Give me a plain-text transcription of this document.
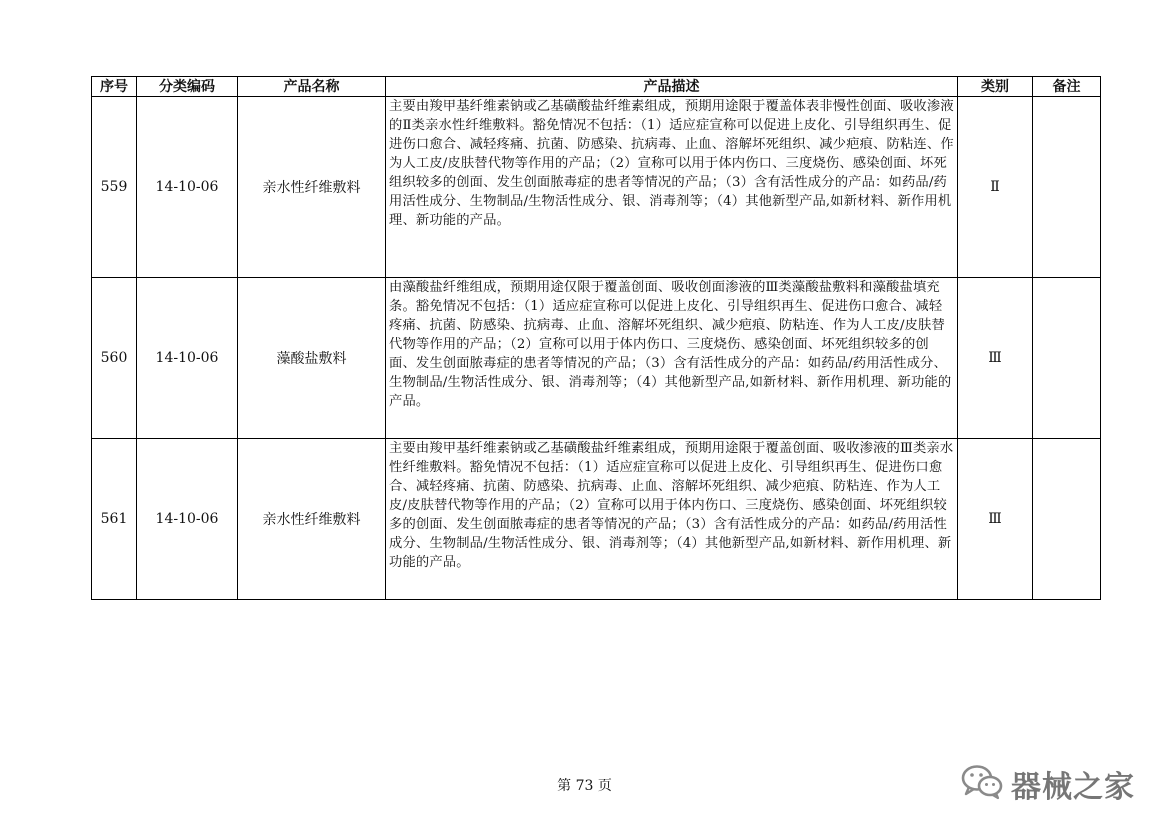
序号	分类编码	产品名称	产品描述	类别	备注
559	14-10-06	亲水性纤维敷料	主要由羧甲基纤维素钠或乙基磺酸盐纤维素组成，预期用途限于覆盖体表非慢性创面、吸收渗液的Ⅱ类亲水性纤维敷料。豁免情况不包括：（1）适应症宣称可以促进上皮化、引导组织再生、促进伤口愈合、减轻疼痛、抗菌、防感染、抗病毒、止血、溶解坏死组织、减少疤痕、防粘连、作为人工皮/皮肤替代物等作用的产品；（2）宣称可以用于体内伤口、三度烧伤、感染创面、坏死组织较多的创面、发生创面脓毒症的患者等情况的产品；（3）含有活性成分的产品：如药品/药用活性成分、生物制品/生物活性成分、银、消毒剂等；（4）其他新型产品,如新材料、新作用机理、新功能的产品。	Ⅱ	
560	14-10-06	藻酸盐敷料	由藻酸盐纤维组成，预期用途仅限于覆盖创面、吸收创面渗液的Ⅲ类藻酸盐敷料和藻酸盐填充条。豁免情况不包括：（1）适应症宣称可以促进上皮化、引导组织再生、促进伤口愈合、减轻疼痛、抗菌、防感染、抗病毒、止血、溶解坏死组织、减少疤痕、防粘连、作为人工皮/皮肤替代物等作用的产品；（2）宣称可以用于体内伤口、三度烧伤、感染创面、坏死组织较多的创面、发生创面脓毒症的患者等情况的产品；（3）含有活性成分的产品：如药品/药用活性成分、生物制品/生物活性成分、银、消毒剂等；（4）其他新型产品,如新材料、新作用机理、新功能的产品。	Ⅲ	
561	14-10-06	亲水性纤维敷料	主要由羧甲基纤维素钠或乙基磺酸盐纤维素组成，预期用途限于覆盖创面、吸收渗液的Ⅲ类亲水性纤维敷料。豁免情况不包括：（1）适应症宣称可以促进上皮化、引导组织再生、促进伤口愈合、减轻疼痛、抗菌、防感染、抗病毒、止血、溶解坏死组织、减少疤痕、防粘连、作为人工皮/皮肤替代物等作用的产品；（2）宣称可以用于体内伤口、三度烧伤、感染创面、坏死组织较多的创面、发生创面脓毒症的患者等情况的产品；（3）含有活性成分的产品：如药品/药用活性成分、生物制品/生物活性成分、银、消毒剂等；（4）其他新型产品,如新材料、新作用机理、新功能的产品。	Ⅲ	
第 73 页	器械之家
